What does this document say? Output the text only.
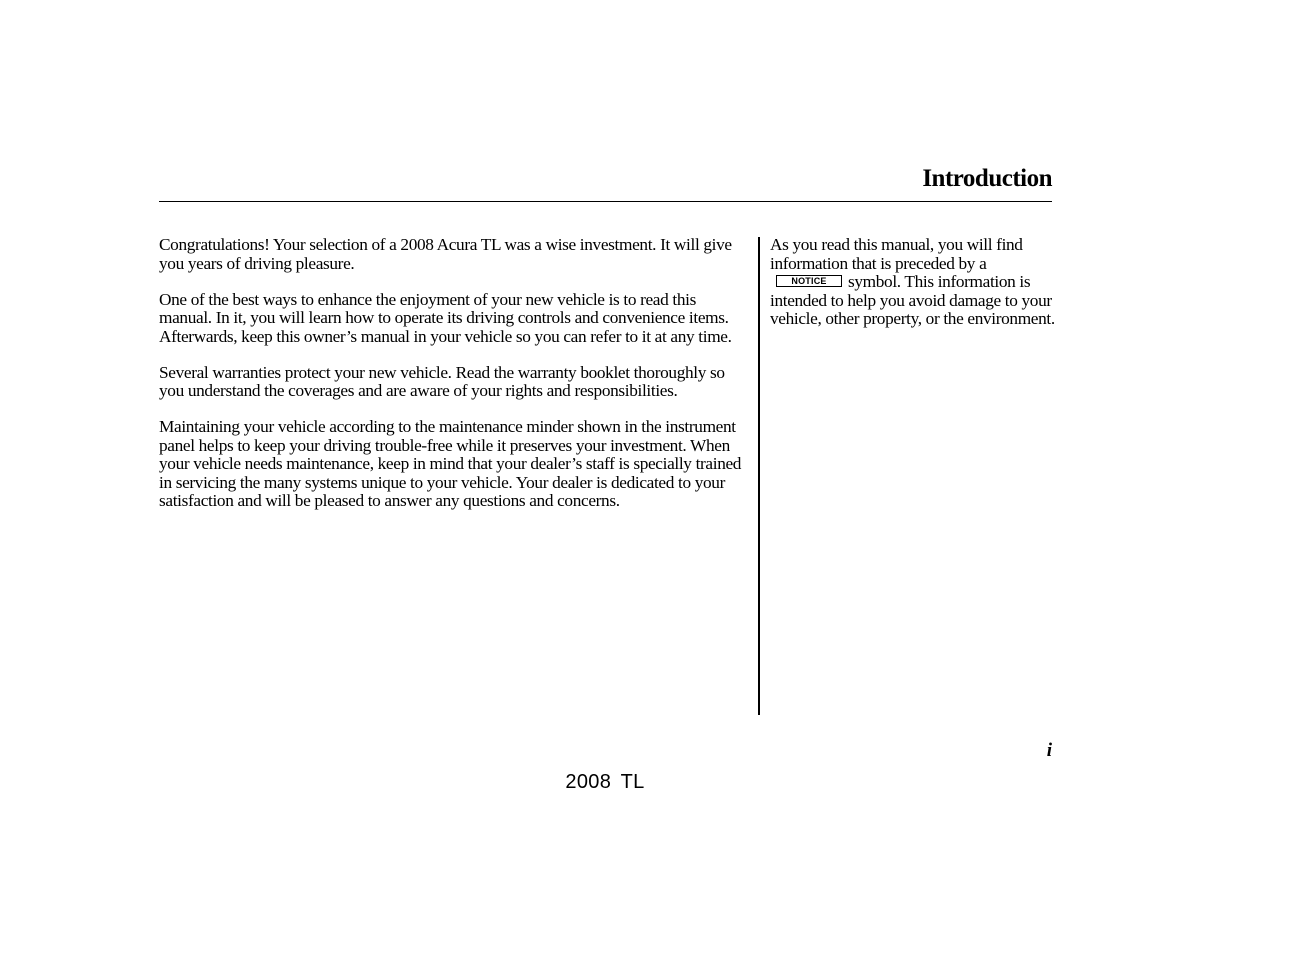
Introduction

Congratulations! Your selection of a 2008 Acura TL was a wise investment. It will give you years of driving pleasure.

One of the best ways to enhance the enjoyment of your new vehicle is to read this manual. In it, you will learn how to operate its driving controls and convenience items. Afterwards, keep this owner’s manual in your vehicle so you can refer to it at any time.

Several warranties protect your new vehicle. Read the warranty booklet thoroughly so you understand the coverages and are aware of your rights and responsibilities.

Maintaining your vehicle according to the maintenance minder shown in the instrument panel helps to keep your driving trouble-free while it preserves your investment. When your vehicle needs maintenance, keep in mind that your dealer’s staff is specially trained in servicing the many systems unique to your vehicle. Your dealer is dedicated to your satisfaction and will be pleased to answer any questions and concerns.

As you read this manual, you will find information that is preceded by aNOTICE symbol. This information is intended to help you avoid damage to your vehicle, other property, or the environment.

i
2008 TL
